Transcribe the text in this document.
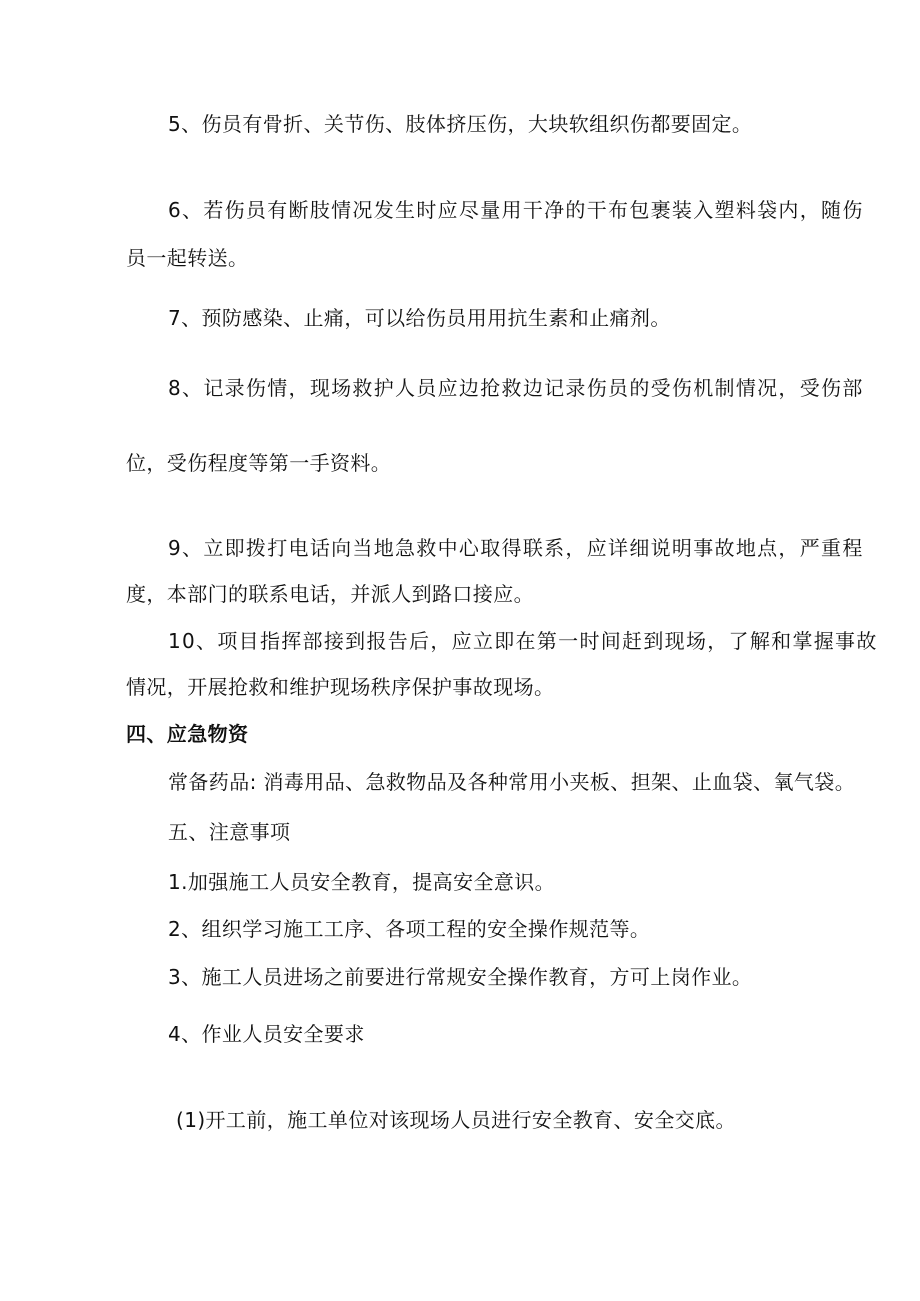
5、伤员有骨折、关节伤、肢体挤压伤，大块软组织伤都要固定。

6、若伤员有断肢情况发生时应尽量用干净的干布包裹装入塑料袋内，随伤

员一起转送。

7、预防感染、止痛，可以给伤员用用抗生素和止痛剂。

8、记录伤情，现场救护人员应边抢救边记录伤员的受伤机制情况，受伤部

位，受伤程度等第一手资料。

9、立即拨打电话向当地急救中心取得联系，应详细说明事故地点，严重程

度，本部门的联系电话，并派人到路口接应。

10、项目指挥部接到报告后，应立即在第一时间赶到现场，了解和掌握事故

情况，开展抢救和维护现场秩序保护事故现场。

四、应急物资

常备药品: 消毒用品、急救物品及各种常用小夹板、担架、止血袋、氧气袋。

五、注意事项

1.加强施工人员安全教育，提高安全意识。

2、组织学习施工工序、各项工程的安全操作规范等。

3、施工人员进场之前要进行常规安全操作教育，方可上岗作业。

4、作业人员安全要求

(1)开工前，施工单位对该现场人员进行安全教育、安全交底。
